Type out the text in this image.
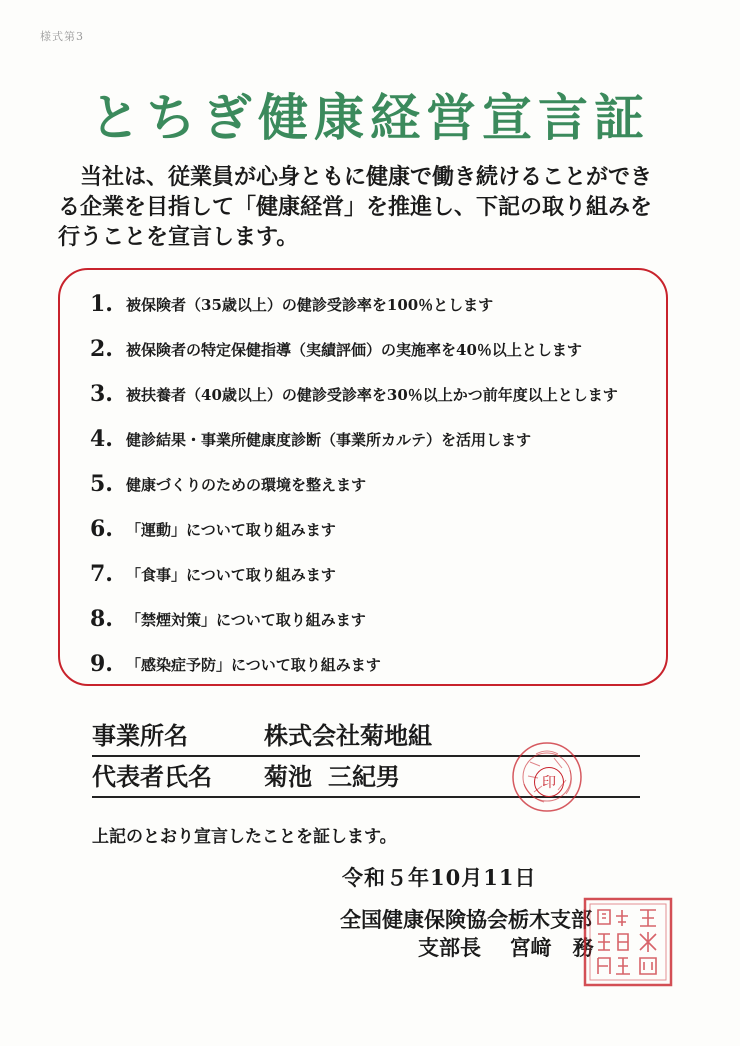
様式第3
とちぎ健康経営宣言証

当社は、従業員が心身ともに健康で働き続けることができ
る企業を目指して「健康経営」を推進し、下記の取り組みを
行うことを宣言します。

1. 被保険者（35歳以上）の健診受診率を100％とします
2. 被保険者の特定保健指導（実績評価）の実施率を40％以上とします
3. 被扶養者（40歳以上）の健診受診率を30％以上かつ前年度以上とします
4. 健診結果・事業所健康度診断（事業所カルテ）を活用します
5. 健康づくりのための環境を整えます
6. 「運動」について取り組みます
7. 「食事」について取り組みます
8. 「禁煙対策」について取り組みます
9. 「感染症予防」について取り組みます
事業所名	株式会社菊地組
代表者氏名	菊池 三紀男	印
上記のとおり宣言したことを証します。
令和５年10月11日
全国健康保険協会栃木支部
支部長 宮﨑　務
